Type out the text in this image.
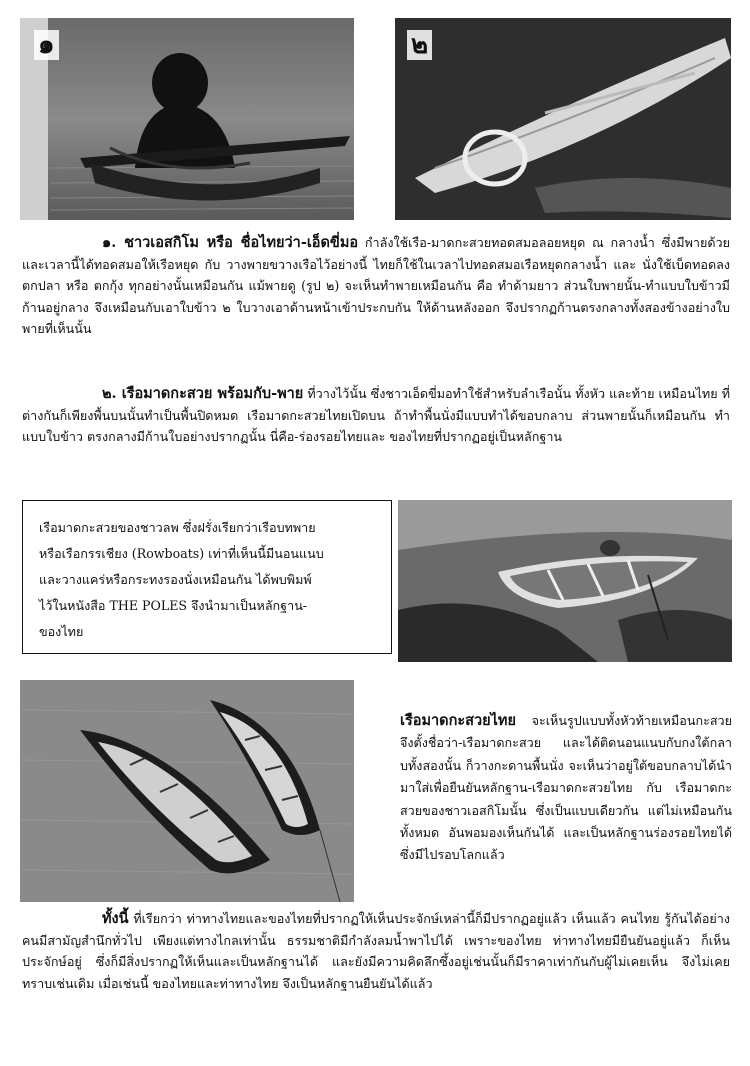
๑	๒

๑. ชาวเอสกิโม หรือ ชื่อไทยว่า-เอ็ดขี่มอ กำลังใช้เรือ-มาดกะสวยทอดสมอลอยหยุด ณ กลางน้ำ ซึ่งมีพายด้วย และเวลานี้ได้ทอดสมอให้เรือหยุด กับ วางพายขวางเรือไว้อย่างนี้ ไทยก็ใช้ในเวลาไปทอดสมอเรือหยุดกลางน้ำ และ นั่งใช้เบ็ดทอดลงตกปลา หรือ ตกกุ้ง ทุกอย่างนั้นเหมือนกัน แม้พายดู (รูป ๒) จะเห็นทำพายเหมือนกัน คือ ทำด้ามยาว ส่วนใบพายนั้น-ทำแบบใบข้าวมีก้านอยู่กลาง จึงเหมือนกับเอาใบข้าว ๒ ใบวางเอาด้านหน้าเข้าประกบกัน ให้ด้านหลังออก จึงปรากฏก้านตรงกลางทั้งสองข้างอย่างใบพายที่เห็นนั้น

๒. เรือมาดกะสวย พร้อมกับ-พาย ที่วางไว้นั้น ซึ่งชาวเอ็ดขี่มอทำใช้สำหรับลำเรือนั้น ทั้งหัว และท้าย เหมือนไทย ที่ต่างกันก็เพียงพื้นบนนั้นทำเป็นพื้นปิดหมด เรือมาดกะสวยไทยเปิดบน ถ้าทำพื้นนั่งมีแบบทำได้ขอบกลาบ ส่วนพายนั้นก็เหมือนกัน ทำแบบใบข้าว ตรงกลางมีก้านใบอย่างปรากฏนั้น นี่คือ-ร่องรอยไทยและ ของไทยที่ปรากฏอยู่เป็นหลักฐาน

เรือมาดกะสวยของชาวลพ ซึ่งฝรั่งเรียกว่าเรือบทพาย
หรือเรือกรรเชียง (Rowboats) เท่าที่เห็นนี้มีนอนแนบ
และวางแคร่หรือกระทงรองนั่งเหมือนกัน ได้พบพิมพ์
ไว้ในหนังสือ THE POLES จึงนำมาเป็นหลักฐาน-
ของไทย

เรือมาดกะสวยไทย จะเห็นรูปแบบทั้งหัวท้ายเหมือนกะสวย จึงตั้งชื่อว่า-เรือมาดกะสวย และได้ติดนอนแนบกับกงใต้กลาบทั้งสองนั้น ก็วางกะดานพื้นนั่ง จะเห็นว่าอยู่ใต้ขอบกลาบได้นำมาใส่เพื่อยืนยันหลักฐาน-เรือมาดกะสวยไทย กับ เรือมาดกะสวยของชาวเอสกิโมนั้น ซึ่งเป็นแบบเดียวกัน แต่ไม่เหมือนกันทั้งหมด อันพอมองเห็นกันได้ และเป็นหลักฐานร่องรอยไทยได้ ซึ่งมีไปรอบโลกแล้ว

ทั้งนี้ ที่เรียกว่า ท่าทางไทยและของไทยที่ปรากฏให้เห็นประจักษ์เหล่านี้ก็มีปรากฏอยู่แล้ว เห็นแล้ว คนไทย รู้กันได้อย่างคนมีสามัญสำนึกทั่วไป เพียงแต่ทางไกลเท่านั้น ธรรมชาติมีกำลังลมน้ำพาไปได้ เพราะของไทย ท่าทางไทยมียืนยันอยู่แล้ว ก็เห็นประจักษ์อยู่ ซึ่งก็มีสิ่งปรากฏให้เห็นและเป็นหลักฐานได้ และยังมีความคิดลึกซึ้งอยู่เช่นนั้นก็มีราคาเท่ากันกับผู้ไม่เคยเห็น จึงไม่เคยทราบเช่นเดิม เมื่อเช่นนี้ ของไทยและท่าทางไทย จึงเป็นหลักฐานยืนยันได้แล้ว
